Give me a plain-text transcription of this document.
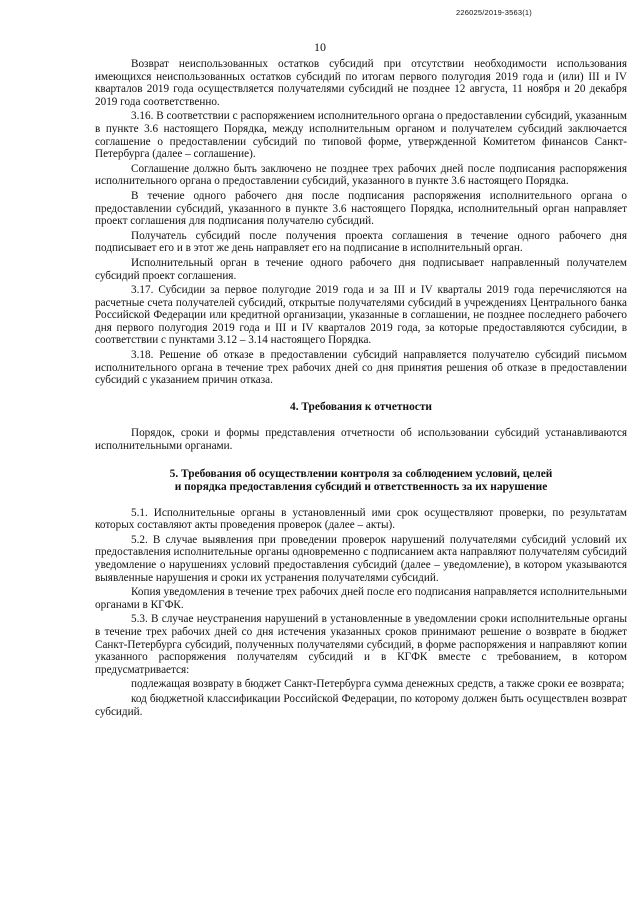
226025/2019-3563(1)
10

Возврат неиспользованных остатков субсидий при отсутствии необходимости использования имеющихся неиспользованных остатков субсидий по итогам первого полугодия 2019 года и (или) III и IV кварталов 2019 года осуществляется получателями субсидий не позднее 12 августа, 11 ноября и 20 декабря 2019 года соответственно.

3.16. В соответствии с распоряжением исполнительного органа о предоставлении субсидий, указанным в пункте 3.6 настоящего Порядка, между исполнительным органом и получателем субсидий заключается соглашение о предоставлении субсидий по типовой форме, утвержденной Комитетом финансов Санкт-Петербурга (далее – соглашение).

Соглашение должно быть заключено не позднее трех рабочих дней после подписания распоряжения исполнительного органа о предоставлении субсидий, указанного в пункте 3.6 настоящего Порядка.

В течение одного рабочего дня после подписания распоряжения исполнительного органа о предоставлении субсидий, указанного в пункте 3.6 настоящего Порядка, исполнительный орган направляет проект соглашения для подписания получателю субсидий.

Получатель субсидий после получения проекта соглашения в течение одного рабочего дня подписывает его и в этот же день направляет его на подписание в исполнительный орган.

Исполнительный орган в течение одного рабочего дня подписывает направленный получателем субсидий проект соглашения.

3.17. Субсидии за первое полугодие 2019 года и за III и IV кварталы 2019 года перечисляются на расчетные счета получателей субсидий, открытые получателями субсидий в учреждениях Центрального банка Российской Федерации или кредитной организации, указанные в соглашении, не позднее последнего рабочего дня первого полугодия 2019 года и III и IV кварталов 2019 года, за которые предоставляются субсидии, в соответствии с пунктами 3.12 – 3.14 настоящего Порядка.

3.18. Решение об отказе в предоставлении субсидий направляется получателю субсидий письмом исполнительного органа в течение трех рабочих дней со дня принятия решения об отказе в предоставлении субсидий с указанием причин отказа.

4. Требования к отчетности

Порядок, сроки и формы представления отчетности об использовании субсидий устанавливаются исполнительными органами.

5. Требования об осуществлении контроля за соблюдением условий, целей
и порядка предоставления субсидий и ответственность за их нарушение

5.1. Исполнительные органы в установленный ими срок осуществляют проверки, по результатам которых составляют акты проведения проверок (далее – акты).

5.2. В случае выявления при проведении проверок нарушений получателями субсидий условий их предоставления исполнительные органы одновременно с подписанием акта направляют получателям субсидий уведомление о нарушениях условий предоставления субсидий (далее – уведомление), в котором указываются выявленные нарушения и сроки их устранения получателями субсидий.

Копия уведомления в течение трех рабочих дней после его подписания направляется исполнительными органами в КГФК.

5.3. В случае неустранения нарушений в установленные в уведомлении сроки исполнительные органы в течение трех рабочих дней со дня истечения указанных сроков принимают решение о возврате в бюджет Санкт-Петербурга субсидий, полученных получателями субсидий, в форме распоряжения и направляют копии указанного распоряжения получателям субсидий и в КГФК вместе с требованием, в котором предусматривается:

подлежащая возврату в бюджет Санкт-Петербурга сумма денежных средств, а также сроки ее возврата;

код бюджетной классификации Российской Федерации, по которому должен быть осуществлен возврат субсидий.
